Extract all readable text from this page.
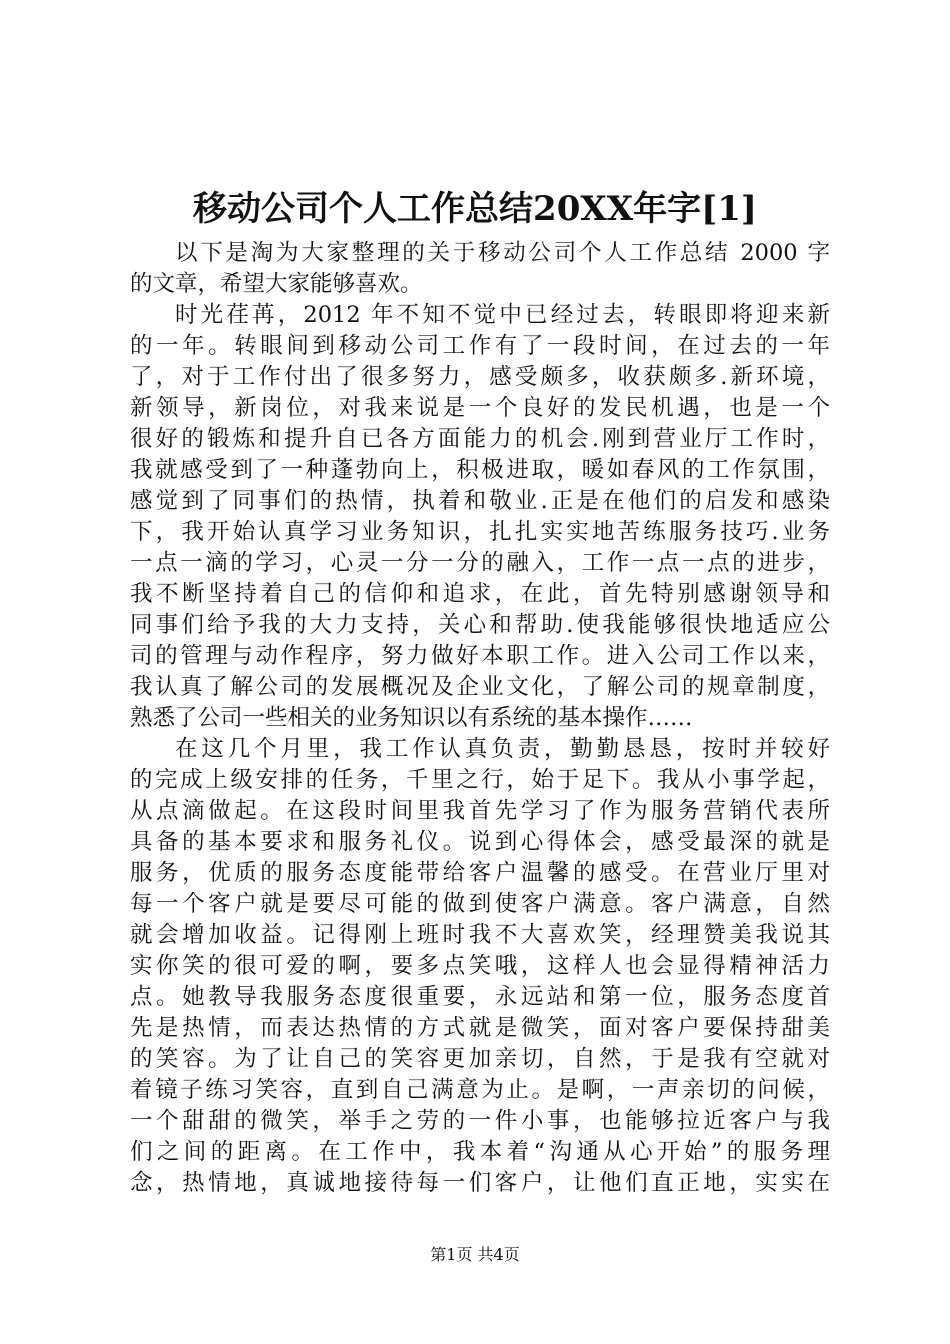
移动公司个人工作总结20XX年字[1]
以下是淘为大家整理的关于移动公司个人工作总结 2000 字
的文章，希望大家能够喜欢。
时光荏苒，2012 年不知不觉中已经过去，转眼即将迎来新
的一年。转眼间到移动公司工作有了一段时间，在过去的一年
了，对于工作付出了很多努力，感受颇多，收获颇多.新环境，
新领导，新岗位，对我来说是一个良好的发民机遇，也是一个
很好的锻炼和提升自已各方面能力的机会.刚到营业厅工作时，
我就感受到了一种蓬勃向上，积极进取，暖如春风的工作氛围，
感觉到了同事们的热情，执着和敬业.正是在他们的启发和感染
下，我开始认真学习业务知识，扎扎实实地苦练服务技巧.业务
一点一滴的学习，心灵一分一分的融入，工作一点一点的进步，
我不断坚持着自己的信仰和追求，在此，首先特别感谢领导和
同事们给予我的大力支持，关心和帮助.使我能够很快地适应公
司的管理与动作程序，努力做好本职工作。进入公司工作以来，
我认真了解公司的发展概况及企业文化，了解公司的规章制度，
熟悉了公司一些相关的业务知识以有系统的基本操作……
在这几个月里，我工作认真负责，勤勤恳恳，按时并较好
的完成上级安排的任务，千里之行，始于足下。我从小事学起，
从点滴做起。在这段时间里我首先学习了作为服务营销代表所
具备的基本要求和服务礼仪。说到心得体会，感受最深的就是
服务，优质的服务态度能带给客户温馨的感受。在营业厅里对
每一个客户就是要尽可能的做到使客户满意。客户满意，自然
就会增加收益。记得刚上班时我不大喜欢笑，经理赞美我说其
实你笑的很可爱的啊，要多点笑哦，这样人也会显得精神活力
点。她教导我服务态度很重要，永远站和第一位，服务态度首
先是热情，而表达热情的方式就是微笑，面对客户要保持甜美
的笑容。为了让自己的笑容更加亲切，自然，于是我有空就对
着镜子练习笑容，直到自己满意为止。是啊，一声亲切的问候，
一个甜甜的微笑，举手之劳的一件小事，也能够拉近客户与我
们之间的距离。在工作中，我本着“沟通从心开始”的服务理
念，热情地，真诚地接待每一们客户，让他们直正地，实实在
第1页 共4页
